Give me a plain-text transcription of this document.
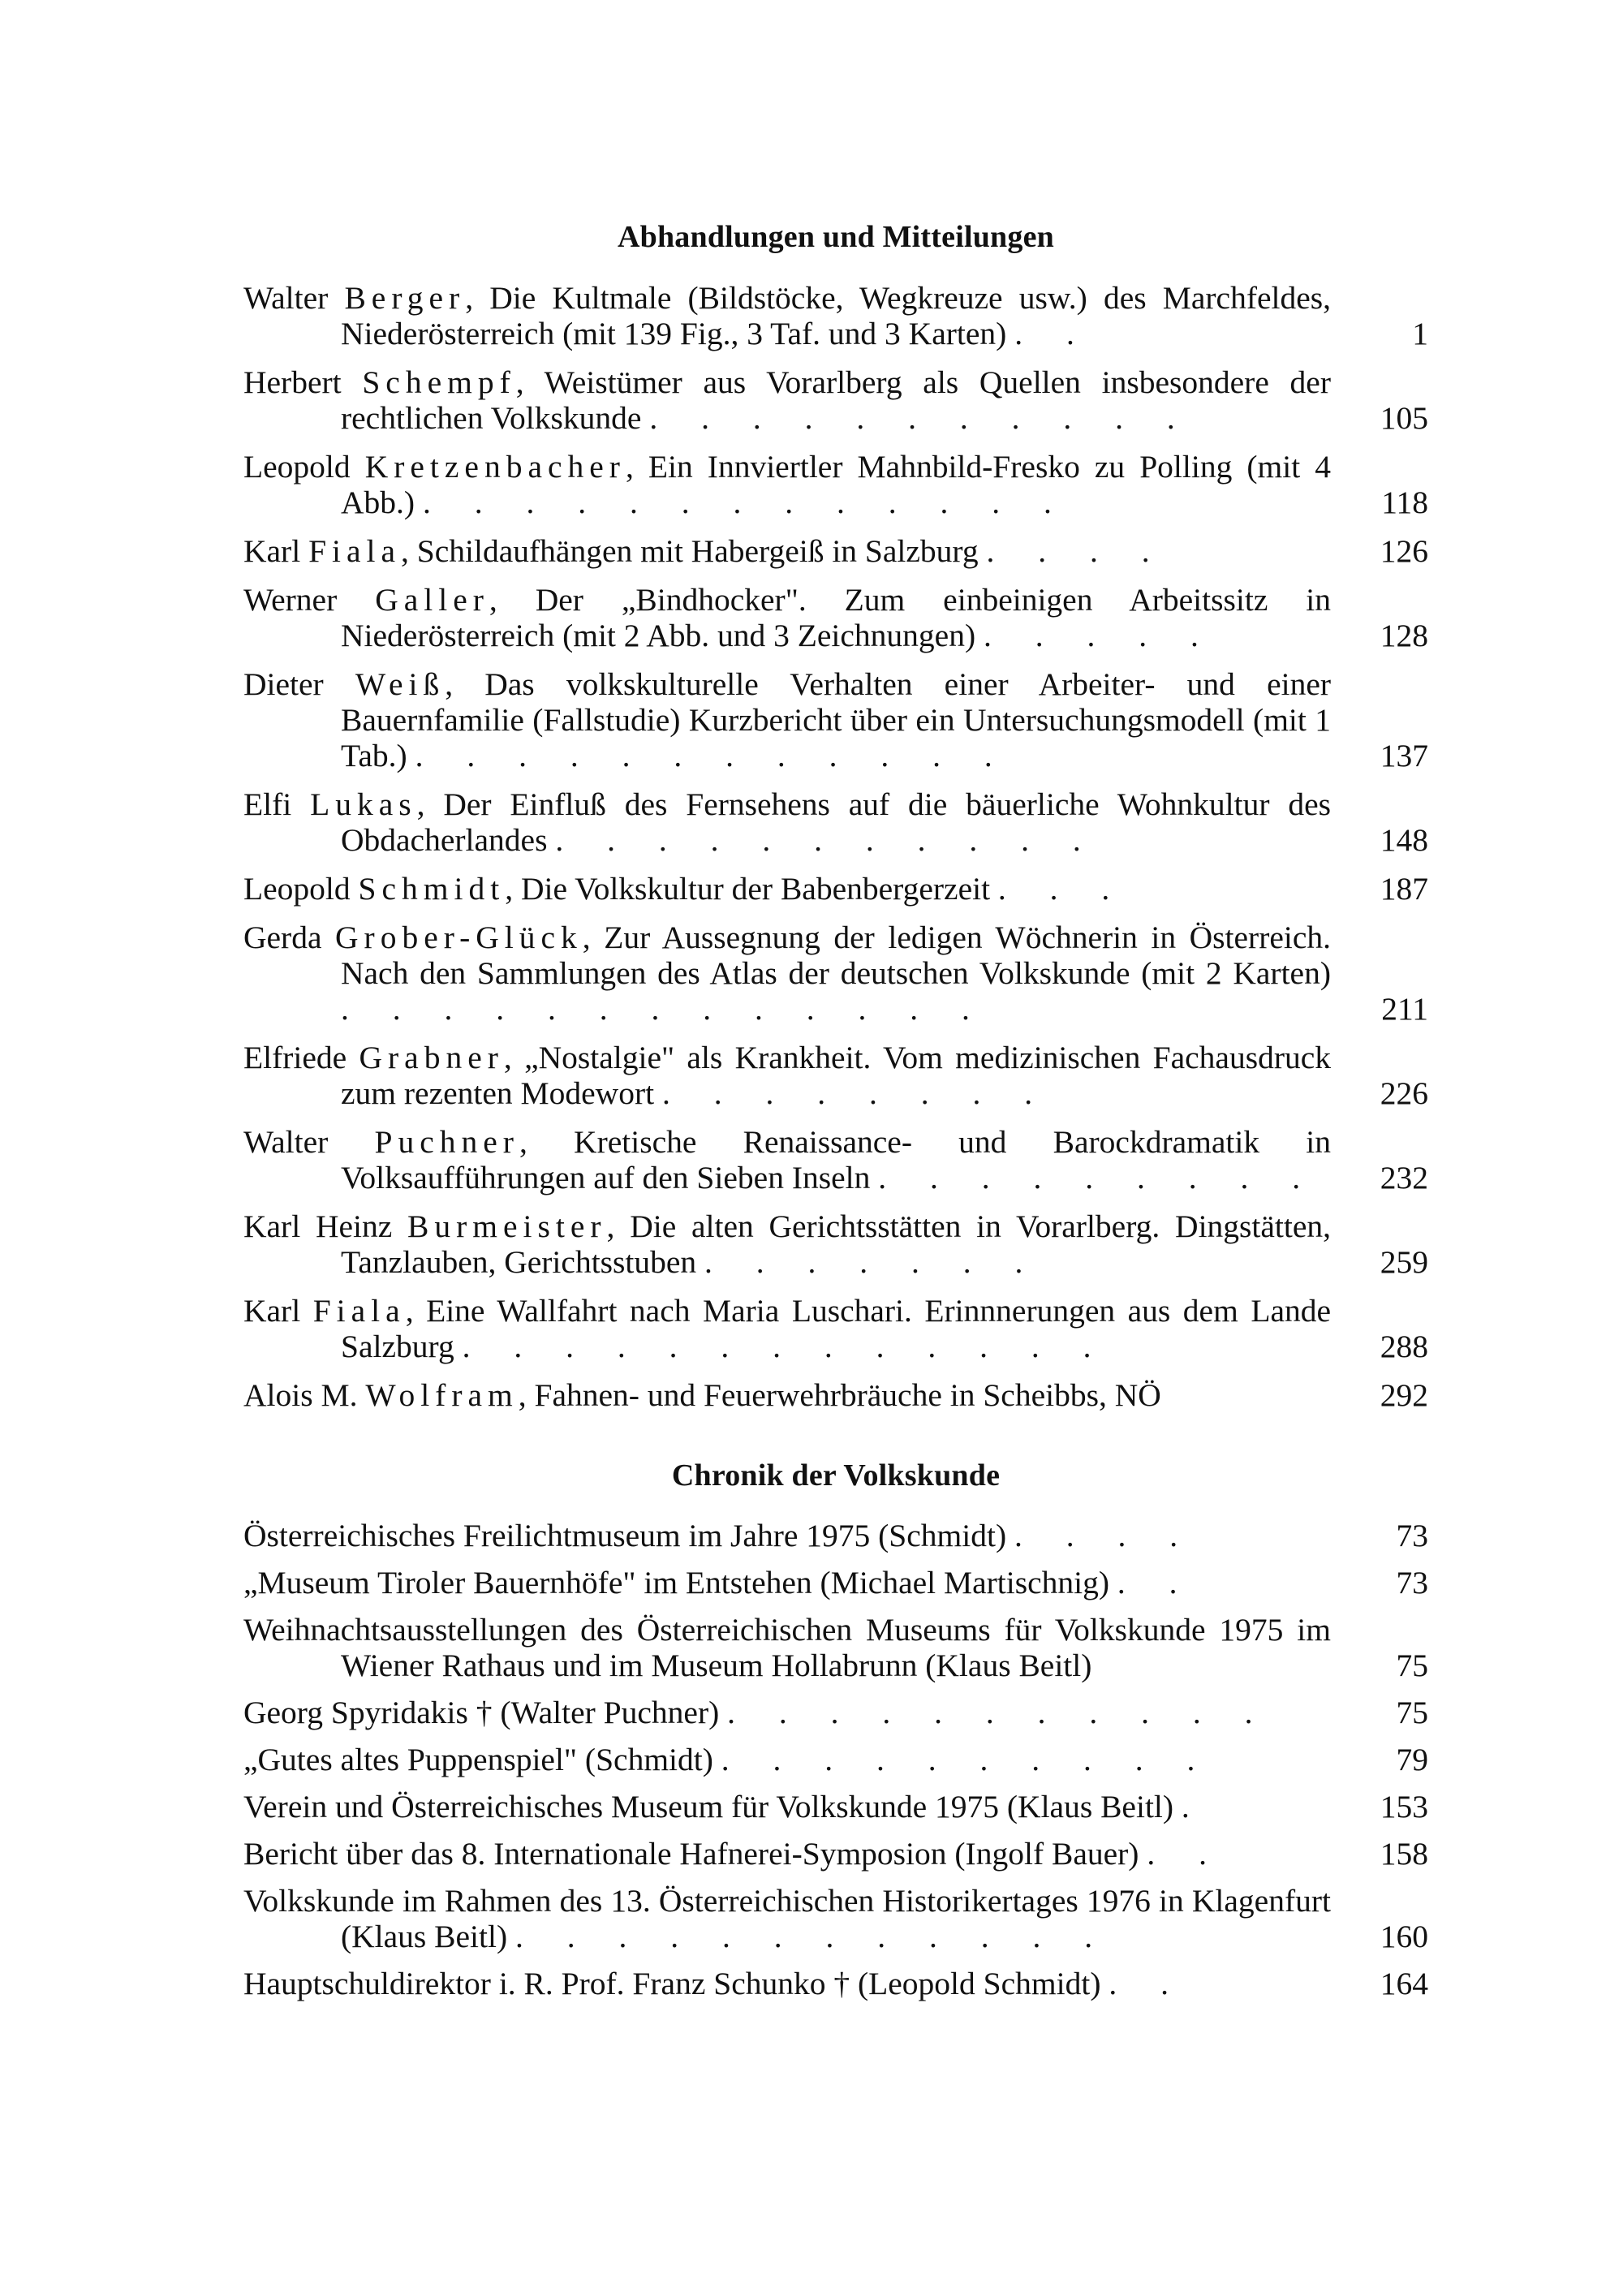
Abhandlungen und Mitteilungen
Walter Berger, Die Kultmale (Bildstöcke, Wegkreuze usw.) des Marchfeldes, Niederösterreich (mit 139 Fig., 3 Taf. und 3 Karten) . .	1
Herbert Schempf, Weistümer aus Vorarlberg als Quellen insbesondere der rechtlichen Volkskunde . . . . . . . . . . .	105
Leopold Kretzenbacher, Ein Innviertler Mahnbild-Fresko zu Polling (mit 4 Abb.) . . . . . . . . . . . . .	118
Karl Fiala, Schildaufhängen mit Habergeiß in Salzburg . . . .	126
Werner Galler, Der „Bindhocker". Zum einbeinigen Arbeitssitz in Niederösterreich (mit 2 Abb. und 3 Zeichnungen) . . . . .	128
Dieter Weiß, Das volkskulturelle Verhalten einer Arbeiter- und einer Bauernfamilie (Fallstudie) Kurzbericht über ein Untersuchungsmodell (mit 1 Tab.) . . . . . . . . . . . .	137
Elfi Lukas, Der Einfluß des Fernsehens auf die bäuerliche Wohnkultur des Obdacherlandes . . . . . . . . . . .	148
Leopold Schmidt, Die Volkskultur der Babenbergerzeit . . .	187
Gerda Grober-Glück, Zur Aussegnung der ledigen Wöchnerin in Österreich. Nach den Sammlungen des Atlas der deutschen Volkskunde (mit 2 Karten) . . . . . . . . . . . . .	211
Elfriede Grabner, „Nostalgie" als Krankheit. Vom medizinischen Fachausdruck zum rezenten Modewort . . . . . . . .	226
Walter Puchner, Kretische Renaissance- und Barockdramatik in Volksaufführungen auf den Sieben Inseln . . . . . . . . .	232
Karl Heinz Burmeister, Die alten Gerichtsstätten in Vorarlberg. Dingstätten, Tanzlauben, Gerichtsstuben . . . . . . .	259
Karl Fiala, Eine Wallfahrt nach Maria Luschari. Erinnnerungen aus dem Lande Salzburg . . . . . . . . . . . . .	288
Alois M. Wolfram, Fahnen- und Feuerwehrbräuche in Scheibbs, NÖ	292
Chronik der Volkskunde
Österreichisches Freilichtmuseum im Jahre 1975 (Schmidt) . . . .	73
„Museum Tiroler Bauernhöfe" im Entstehen (Michael Martischnig) . .	73
Weihnachtsausstellungen des Österreichischen Museums für Volkskunde 1975 im Wiener Rathaus und im Museum Hollabrunn (Klaus Beitl)	75
Georg Spyridakis † (Walter Puchner) . . . . . . . . . . .	75
„Gutes altes Puppenspiel" (Schmidt) . . . . . . . . . .	79
Verein und Österreichisches Museum für Volkskunde 1975 (Klaus Beitl) .	153
Bericht über das 8. Internationale Hafnerei-Symposion (Ingolf Bauer) . .	158
Volkskunde im Rahmen des 13. Österreichischen Historikertages 1976 in Klagenfurt (Klaus Beitl) . . . . . . . . . . . .	160
Hauptschuldirektor i. R. Prof. Franz Schunko † (Leopold Schmidt) . .	164
